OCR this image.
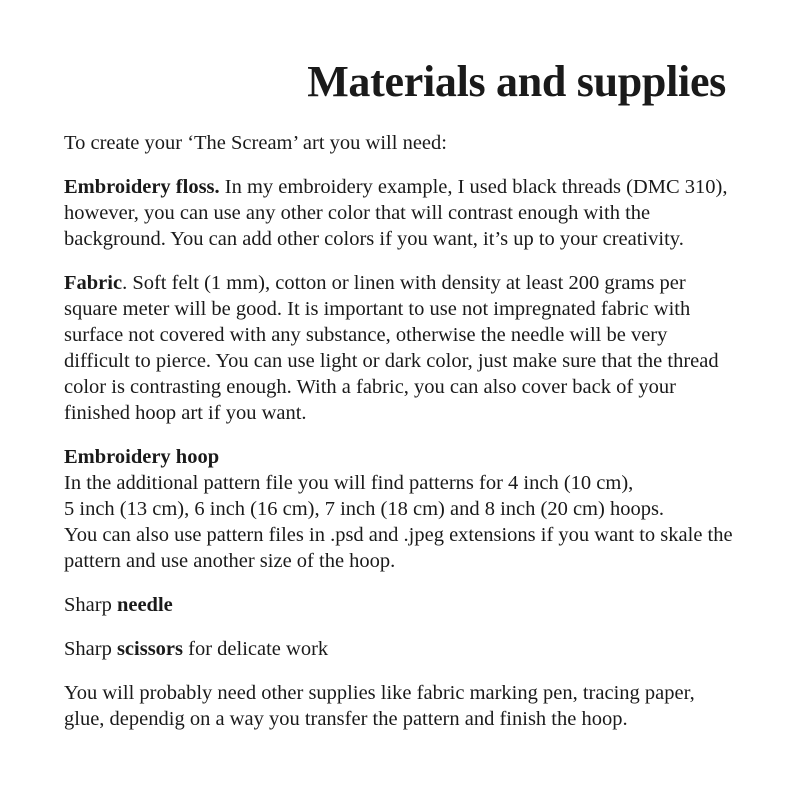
Materials and supplies

To create your ‘The Scream’ art you will need:

Embroidery floss. In my embroidery example, I used black threads (DMC 310), however, you can use any other color that will contrast enough with the background. You can add other colors if you want, it’s up to your creativity.

Fabric. Soft felt (1 mm), cotton or linen with density at least 200 grams per square meter will be good. It is important to use not impregnated fabric with surface not covered with any substance, otherwise the needle will be very difficult to pierce. You can use light or dark color, just make sure that the thread color is contrasting enough. With a fabric, you can also cover back of your finished hoop art if you want.

Embroidery hoop
In the additional pattern file you will find patterns for 4 inch (10 cm),
5 inch (13 cm), 6 inch (16 cm), 7 inch (18 cm) and 8 inch (20 cm) hoops.
You can also use pattern files in .psd and .jpeg extensions if you want to skale the pattern and use another size of the hoop.

Sharp needle

Sharp scissors for delicate work

You will probably need other supplies like fabric marking pen, tracing paper, glue, dependig on a way you transfer the pattern and finish the hoop.
